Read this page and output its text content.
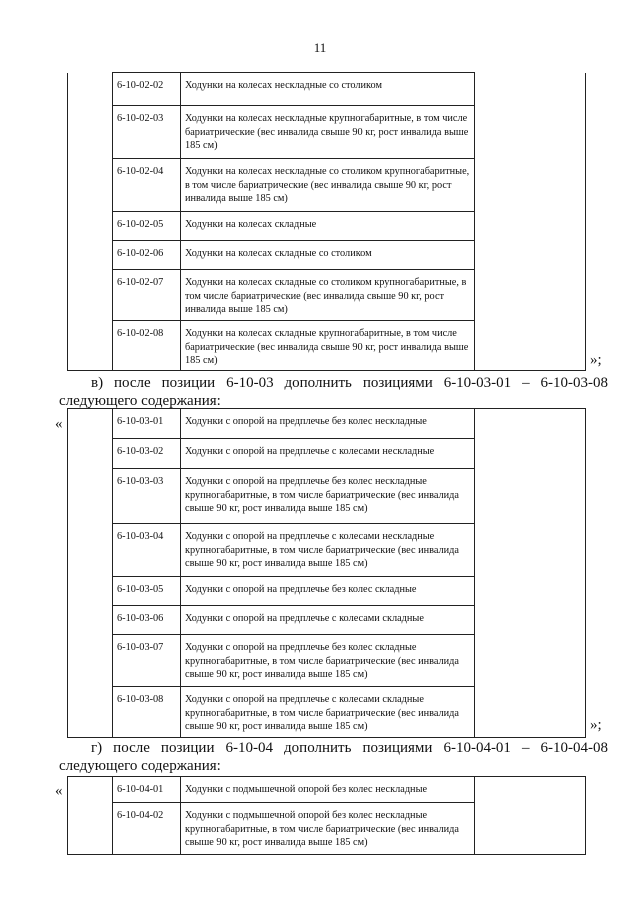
11
	6-10-02-02	Ходунки на колесах нескладные со столиком	
	6-10-02-03	Ходунки на колесах нескладные крупногабаритные, в том числе бариатрические (вес инвалида свыше 90 кг, рост инвалида выше 185 см)	
	6-10-02-04	Ходунки на колесах нескладные со столиком крупногабаритные, в том числе бариатрические (вес инвалида свыше 90 кг, рост инвалида выше 185 см)	
	6-10-02-05	Ходунки на колесах складные	
	6-10-02-06	Ходунки на колесах складные со столиком	
	6-10-02-07	Ходунки на колесах складные со столиком крупногабаритные, в том числе бариатрические (вес инвалида свыше 90 кг, рост инвалида выше 185 см)	
	6-10-02-08	Ходунки на колесах складные крупногабаритные, в том числе бариатрические (вес инвалида свыше 90 кг, рост инвалида выше 185 см)		»;
в) после позиции 6-10-03 дополнить позициями 6-10-03-01 – 6-10-03-08
следующего содержания:
«
		6-10-03-01	Ходунки с опорой на предплечье без колес нескладные	
	6-10-03-02	Ходунки с опорой на предплечье с колесами нескладные	
	6-10-03-03	Ходунки с опорой на предплечье без колес нескладные крупногабаритные, в том числе бариатрические (вес инвалида свыше 90 кг, рост инвалида выше 185 см)	
	6-10-03-04	Ходунки с опорой на предплечье с колесами нескладные крупногабаритные, в том числе бариатрические (вес инвалида свыше 90 кг, рост инвалида выше 185 см)	
	6-10-03-05	Ходунки с опорой на предплечье без колес складные	
	6-10-03-06	Ходунки с опорой на предплечье с колесами складные	
	6-10-03-07	Ходунки с опорой на предплечье без колес складные крупногабаритные, в том числе бариатрические (вес инвалида свыше 90 кг, рост инвалида выше 185 см)	
	6-10-03-08	Ходунки с опорой на предплечье с колесами складные крупногабаритные, в том числе бариатрические (вес инвалида свыше 90 кг, рост инвалида выше 185 см)		»;
г) после позиции 6-10-04 дополнить позициями 6-10-04-01 – 6-10-04-08
следующего содержания:
«
		6-10-04-01	Ходунки с подмышечной опорой без колес нескладные	
	6-10-04-02	Ходунки с подмышечной опорой без колес нескладные крупногабаритные, в том числе бариатрические (вес инвалида свыше 90 кг, рост инвалида выше 185 см)	
